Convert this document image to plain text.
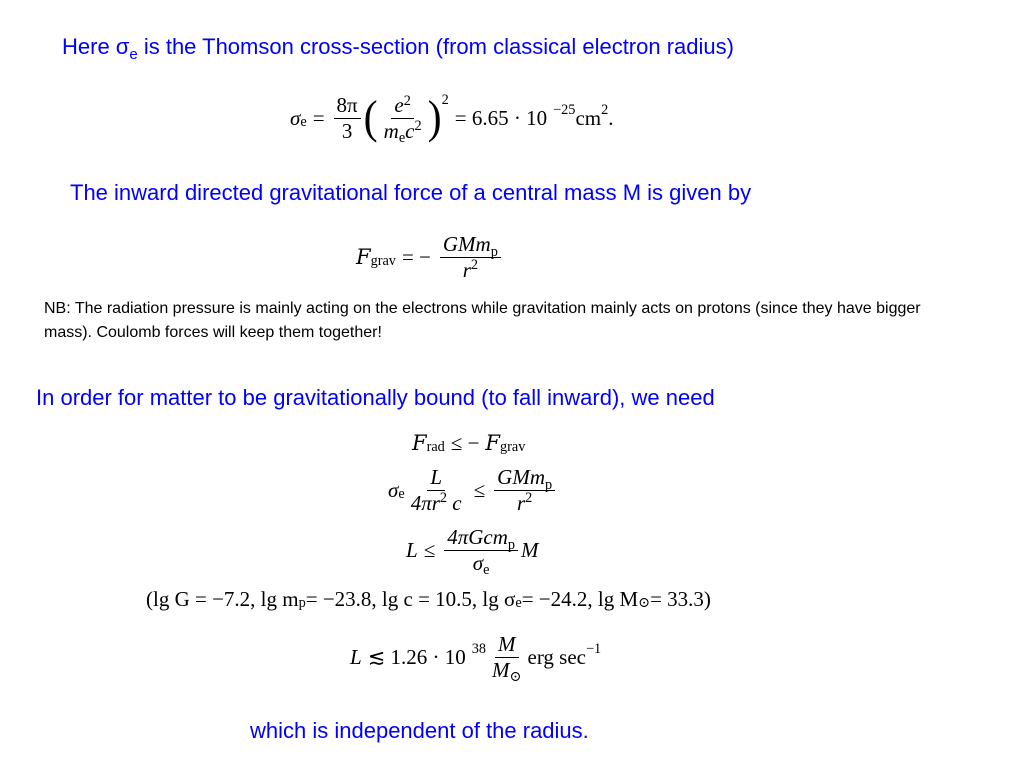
Here $\sigma_e$ is the Thomson cross-section (from classical electron radius)
σ $e = \frac{8\pi}{3}$ ( $\frac{e^2}{m_ec^2}$ ) 2
= 6.65 · 10 −25 cm 2 .
The inward directed gravitational force of a central mass M is given by
F grav = − $\frac{GMm_p}{r^2}$
NB: The radiation pressure is mainly acting on the electrons while gravitation mainly acts on protons (since they have bigger mass). Coulomb forces will keep them together!
In order for matter to be gravitationally bound (to fall inward), we need
F rad ≤ − F grav
σ e $\frac{L}{4\pi r^2 c} \le \frac{GMm_p}{r^2}$
$L \le \frac{4\pi Gcm_p}{\sigma_e}$ M
(lg G = −7.2, lg m p = −23.8, lg c = 10.5, lg σ e = −24.2, lg M ⊙ = 33.3)
L ≲ 1.26 · 10 $38 \frac{M}{M_⊙}$ erg sec −1
which is independent of the radius.
